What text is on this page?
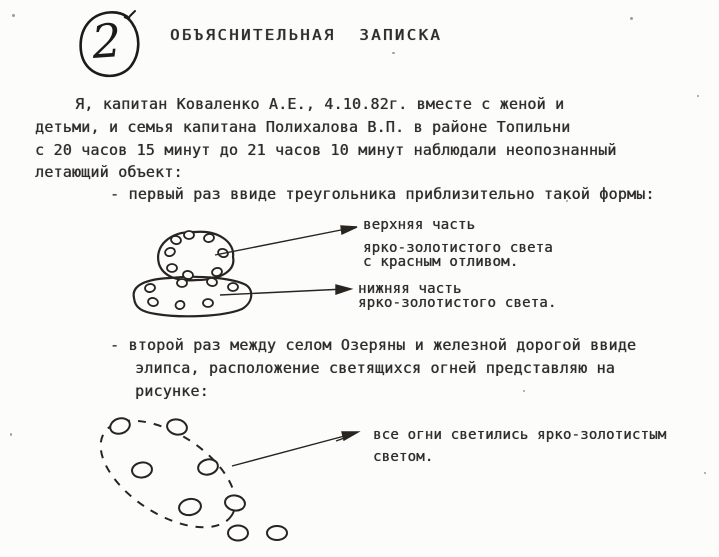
2	ОБЪЯСНИТЕЛЬНАЯ  ЗАПИСКА
Я, капитан Коваленко А.Е., 4.10.82г. вместе с женой и
детьми, и семья капитана Полихалова В.П. в районе Топильни
с 20 часов 15 минут до 21 часов 10 минут наблюдали неопознанный
летающий объект:
- первый раз ввиде треугольника приблизительно такой формы:
верхняя часть
ярко-золотистого света
с красным отливом.
нижняя часть
ярко-золотистого света.
- второй раз между селом Озеряны и железной дорогой ввиде
элипса, расположение светящихся огней представляю на
рисунке:
все огни светились ярко-золотистым
светом.
